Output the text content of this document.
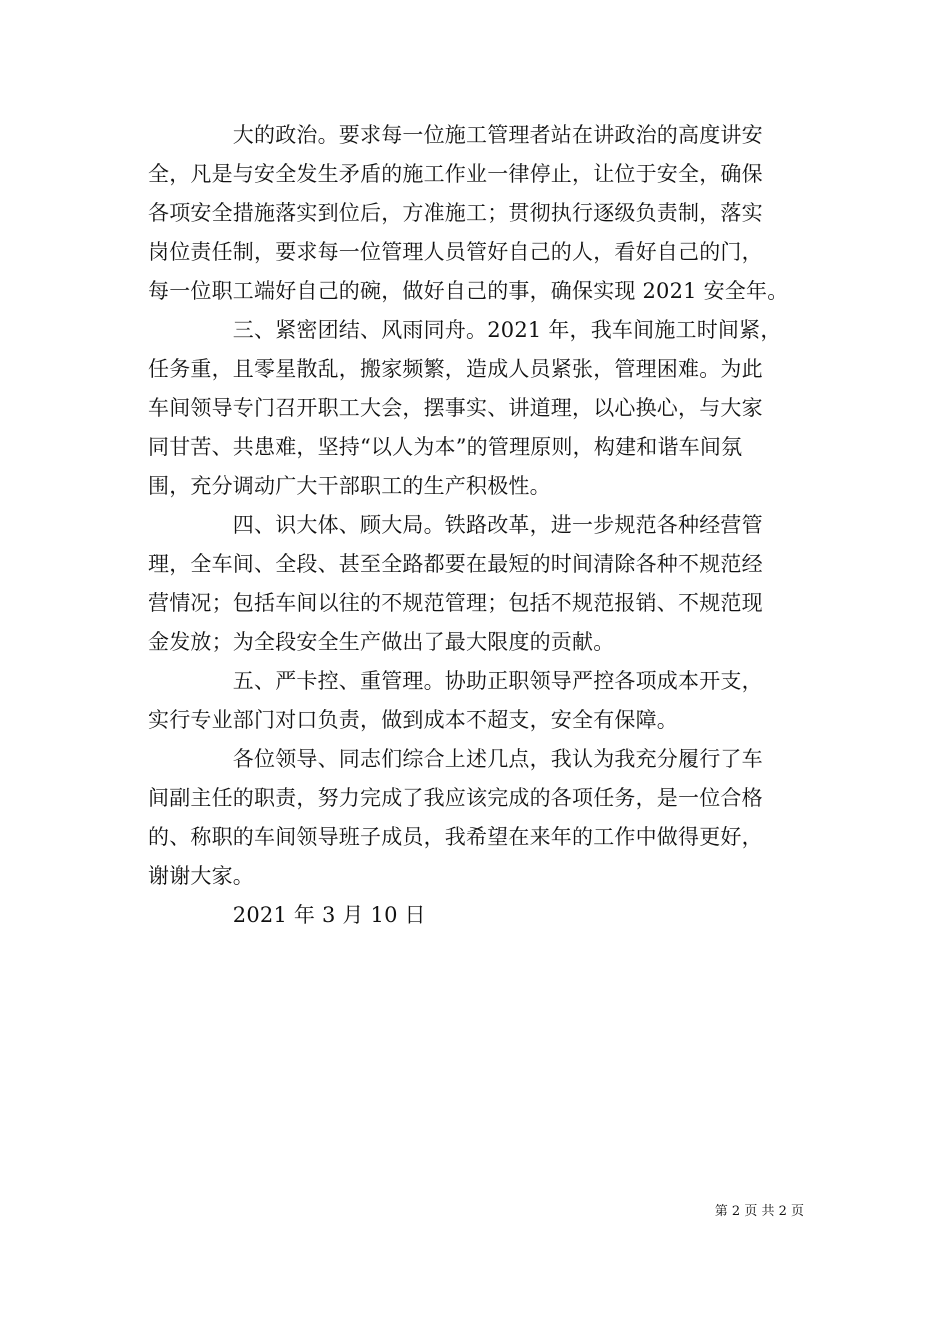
　　　　大的政治。要求每一位施工管理者站在讲政治的高度讲安
全，凡是与安全发生矛盾的施工作业一律停止，让位于安全，确保
各项安全措施落实到位后，方准施工；贯彻执行逐级负责制，落实
岗位责任制，要求每一位管理人员管好自己的人，看好自己的门，
每一位职工端好自己的碗，做好自己的事，确保实现 2021 安全年。
　　　　三、紧密团结、风雨同舟。2021 年，我车间施工时间紧，
任务重，且零星散乱，搬家频繁，造成人员紧张，管理困难。为此
车间领导专门召开职工大会，摆事实、讲道理，以心换心，与大家
同甘苦、共患难，坚持“以人为本”的管理原则，构建和谐车间氛
围，充分调动广大干部职工的生产积极性。
　　　　四、识大体、顾大局。铁路改革，进一步规范各种经营管
理，全车间、全段、甚至全路都要在最短的时间清除各种不规范经
营情况；包括车间以往的不规范管理；包括不规范报销、不规范现
金发放；为全段安全生产做出了最大限度的贡献。
　　　　五、严卡控、重管理。协助正职领导严控各项成本开支，
实行专业部门对口负责，做到成本不超支，安全有保障。
　　　　各位领导、同志们综合上述几点，我认为我充分履行了车
间副主任的职责，努力完成了我应该完成的各项任务，是一位合格
的、称职的车间领导班子成员，我希望在来年的工作中做得更好，
谢谢大家。
　　　　2021 年 3 月 10 日
第 2 页 共 2 页
